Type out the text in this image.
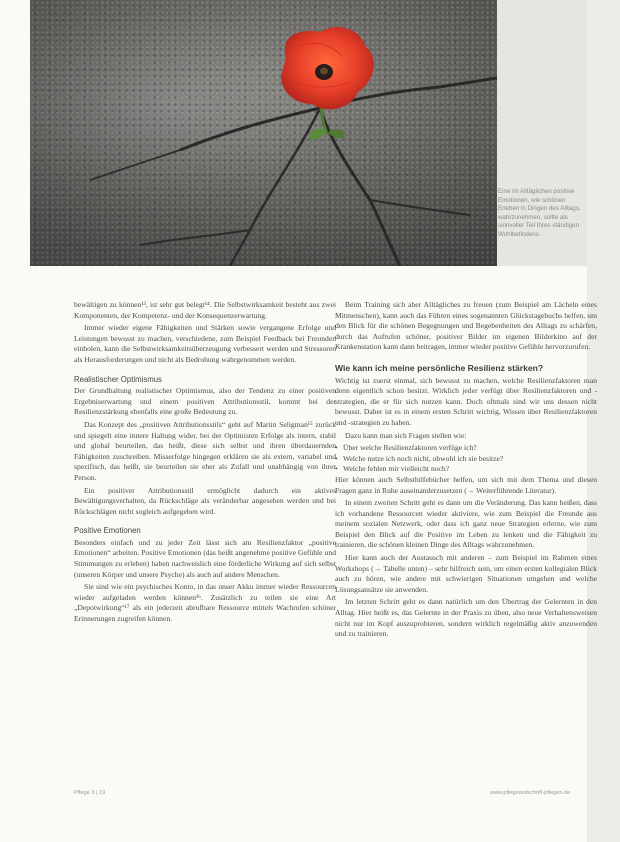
Eine im Alltäglichen positive Emotionen, wie schönen Erleben in Dingen des Alltags, wahrzunehmen, sollte als sinnvoller Teil Ihres ständigen Wohlbefindens.

bewältigen zu können¹³, ist sehr gut belegt¹⁴. Die Selbstwirksamkeit besteht aus zwei Komponenten, der Kompetenz- und der Konsequenzerwartung.

Immer wieder eigene Fähigkeiten und Stärken sowie vergangene Erfolge und Leistungen bewusst zu machen, verschiedene, zum Beispiel Feedback bei Freunden einholen, kann die Selbstwirksamkeitsüberzeugung verbessert werden und Stressoren als Herausforderungen und nicht als Bedrohung wahrgenommen werden.

Realistischer Optimismus

Der Grundhaltung realistischer Optimismus, also der Tendenz zu einer positiven Ergebniserwartung und einem positiven Attributionsstil, kommt bei der Resilienzstärkung ebenfalls eine große Bedeutung zu.

Das Konzept des „positiven Attributionsstils“ geht auf Martin Seligman¹⁵ zurück und spiegelt eine innere Haltung wider, bei der Optimisten Erfolge als intern, stabil und global beurteilen, das heißt, diese sich selbst und ihren überdauernden Fähigkeiten zuschreiben. Misserfolge hingegen erklären sie als extern, variabel und spezifisch, das heißt, sie beurteilen sie eher als Zufall und unabhängig von ihrer Person.

Ein positiver Attributionsstil ermöglicht dadurch ein aktives Bewältigungsverhalten, da Rückschläge als veränderbar angesehen werden und bei Rückschlägen nicht sogleich aufgegeben wird.

Positive Emotionen

Besonders einfach und zu jeder Zeit lässt sich am Resilienzfaktor „positive Emotionen“ arbeiten. Positive Emotionen (das heißt angenehme positive Gefühle und Stimmungen zu erleben) haben nachweislich eine förderliche Wirkung auf sich selbst (unseren Körper und unsere Psyche) als auch auf andere Menschen.

Sie sind wie ein psychisches Konto, in das unser Akku immer wieder Ressourcen wieder aufgeladen werden können¹⁶. Zusätzlich zu teilen sie eine Art „Depotwirkung“¹⁷ als ein jederzeit abrufbare Ressource mittels Wachrufen schöner Erinnerungen zugreifen können.

Beim Training sich aber Alltägliches zu freuen (zum Beispiel am Lächeln eines Mitmenschen), kann auch das Führen eines sogenannten Glückstagebuchs helfen, um den Blick für die schönen Begegnungen und Begebenheiten des Alltags zu schärfen, durch das Aufrufen schöner, positiver Bilder im eigenen Bilderkino auf der Krankenstation kann dann beitragen, immer wieder positive Gefühle hervorzurufen.

Wie kann ich meine persönliche Resilienz stärken?

Wichtig ist zuerst einmal, sich bewusst zu machen, welche Resilienzfaktoren man denn eigentlich schon besitzt. Wirklich jeder verfügt über Resilienzfaktoren und -strategien, die er für sich nutzen kann. Doch oftmals sind wir uns dessen nicht bewusst. Daher ist es in einem ersten Schritt wichtig, Wissen über Resilienzfaktoren und -strategien zu haben.

Dazu kann man sich Fragen stellen wie:

• Über welche Resilienzfaktoren verfüge ich?
• Welche nutze ich noch nicht, obwohl ich sie besitze?
• Welche fehlen mir vielleicht noch?

Hier können auch Selbsthilfebücher helfen, um sich mit dem Thema und diesen Fragen ganz in Ruhe auseinanderzusetzen (→ Weiterführende Literatur).

In einem zweiten Schritt geht es dann um die Veränderung. Das kann heißen, dass ich vorhandene Ressourcen wieder aktiviere, wie zum Beispiel die Freunde aus meinem sozialen Netzwerk, oder dass ich ganz neue Strategien erlerne, wie zum Beispiel den Blick auf die Positive im Leben zu lenken und die Fähigkeit zu trainieren, die schönen kleinen Dinge des Alltags wahrzunehmen.

Hier kann auch der Austausch mit anderen – zum Beispiel im Rahmen eines Workshops (→ Tabelle unten) – sehr hilfreich sein, um einen ersten kollegialen Blick auch zu hören, wie andere mit schwierigen Situationen umgehen und welche Lösungsansätze sie anwenden.

Im letzten Schritt geht es dann natürlich um den Übertrag der Gelernten in den Alltag. Hier heißt es, das Gelernte in der Praxis zu üben, also neue Verhaltensweisen nicht nur im Kopf auszuprobieren, sondern wirklich regelmäßig aktiv anzuwenden und zu trainieren.

Pflege 3 | 19	www.pflegezeitschrift-pflegen.de
